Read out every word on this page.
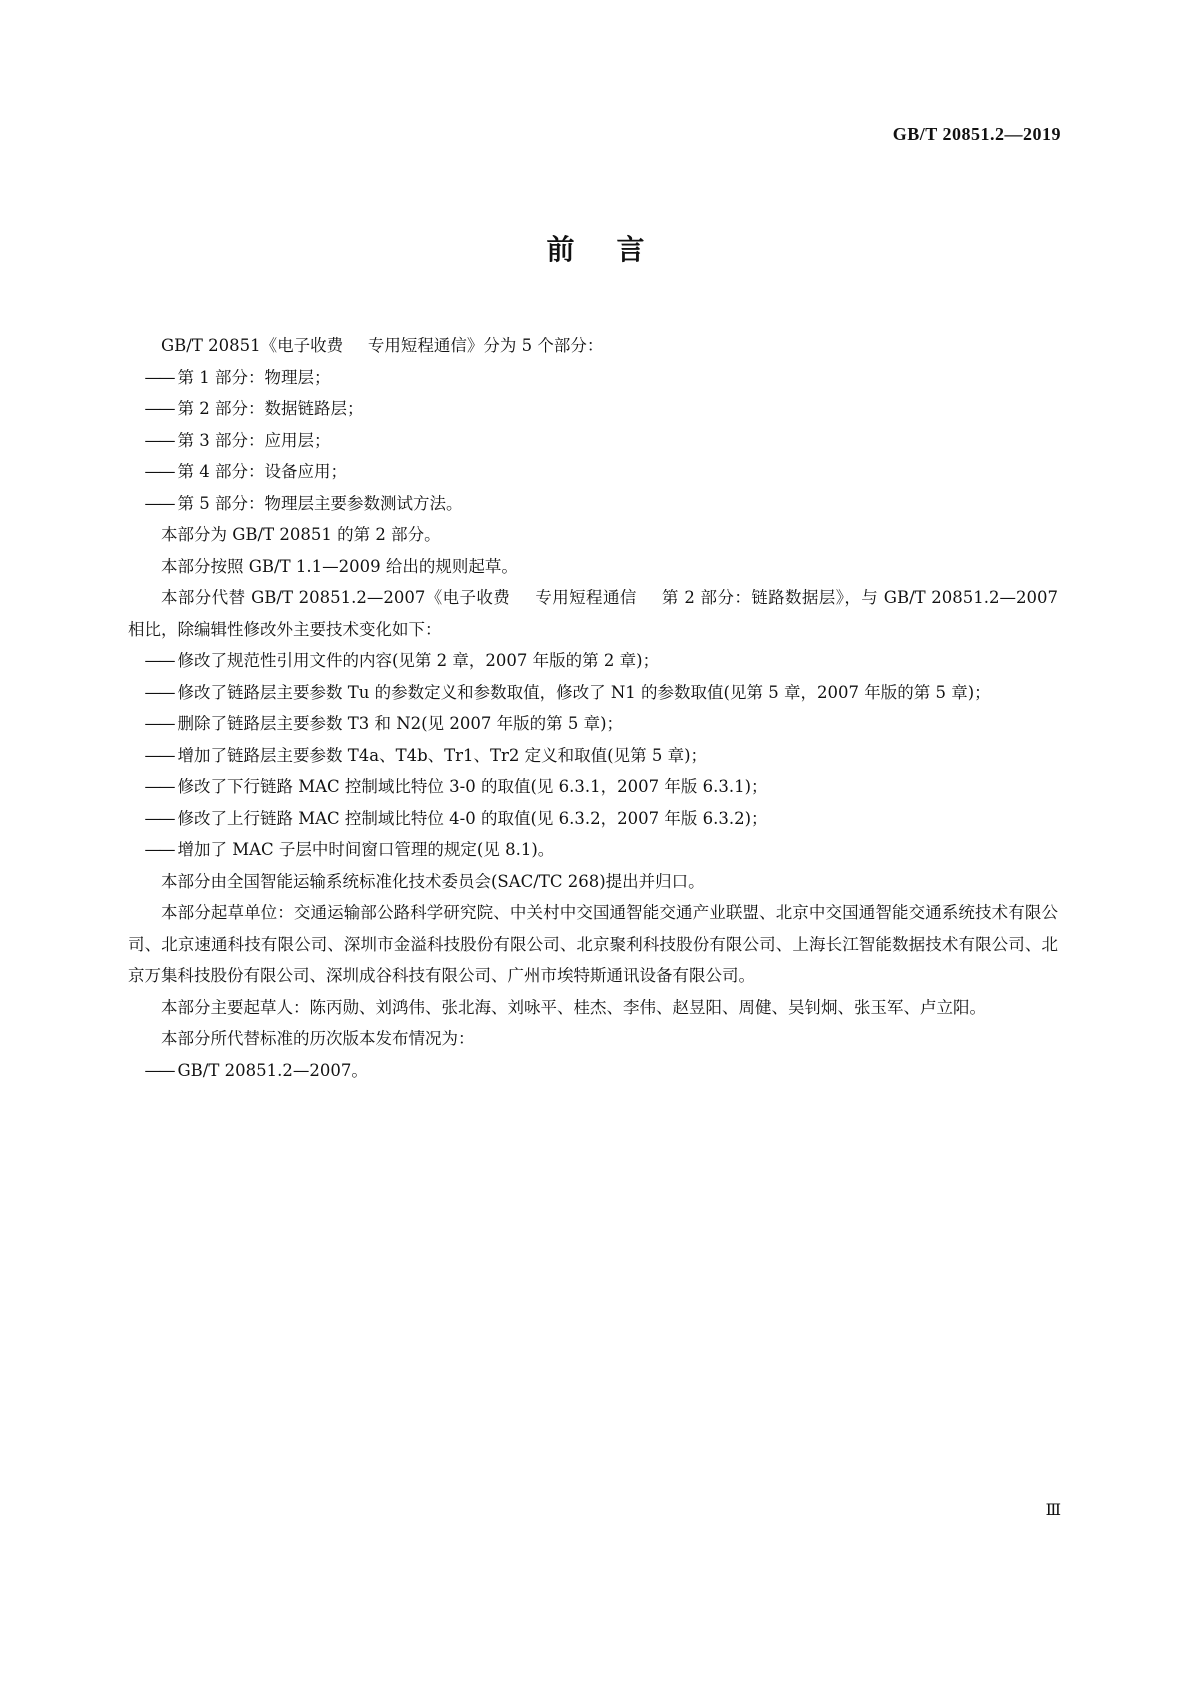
GB/T 20851.2—2019
前言
GB/T 20851《电子收费 专用短程通信》分为 5 个部分：
—— 第 1 部分：物理层；
—— 第 2 部分：数据链路层；
—— 第 3 部分：应用层；
—— 第 4 部分：设备应用；
—— 第 5 部分：物理层主要参数测试方法。
本部分为 GB/T 20851 的第 2 部分。
本部分按照 GB/T 1.1—2009 给出的规则起草。
本部分代替 GB/T 20851.2—2007《电子收费 专用短程通信 第 2 部分：链路数据层》，与 GB/T 20851.2—2007 相比，除编辑性修改外主要技术变化如下：
—— 修改了规范性引用文件的内容(见第 2 章，2007 年版的第 2 章)；
—— 修改了链路层主要参数 Tu 的参数定义和参数取值，修改了 N1 的参数取值(见第 5 章，2007 年版的第 5 章)；
—— 删除了链路层主要参数 T3 和 N2(见 2007 年版的第 5 章)；
—— 增加了链路层主要参数 T4a、T4b、Tr1、Tr2 定义和取值(见第 5 章)；
—— 修改了下行链路 MAC 控制域比特位 3-0 的取值(见 6.3.1，2007 年版 6.3.1)；
—— 修改了上行链路 MAC 控制域比特位 4-0 的取值(见 6.3.2，2007 年版 6.3.2)；
—— 增加了 MAC 子层中时间窗口管理的规定(见 8.1)。
本部分由全国智能运输系统标准化技术委员会(SAC/TC 268)提出并归口。
本部分起草单位：交通运输部公路科学研究院、中关村中交国通智能交通产业联盟、北京中交国通智能交通系统技术有限公司、北京速通科技有限公司、深圳市金溢科技股份有限公司、北京聚利科技股份有限公司、上海长江智能数据技术有限公司、北京万集科技股份有限公司、深圳成谷科技有限公司、广州市埃特斯通讯设备有限公司。
本部分主要起草人：陈丙勋、刘鸿伟、张北海、刘咏平、桂杰、李伟、赵昱阳、周健、吴钊炯、张玉军、卢立阳。
本部分所代替标准的历次版本发布情况为：
—— GB/T 20851.2—2007。
Ⅲ
